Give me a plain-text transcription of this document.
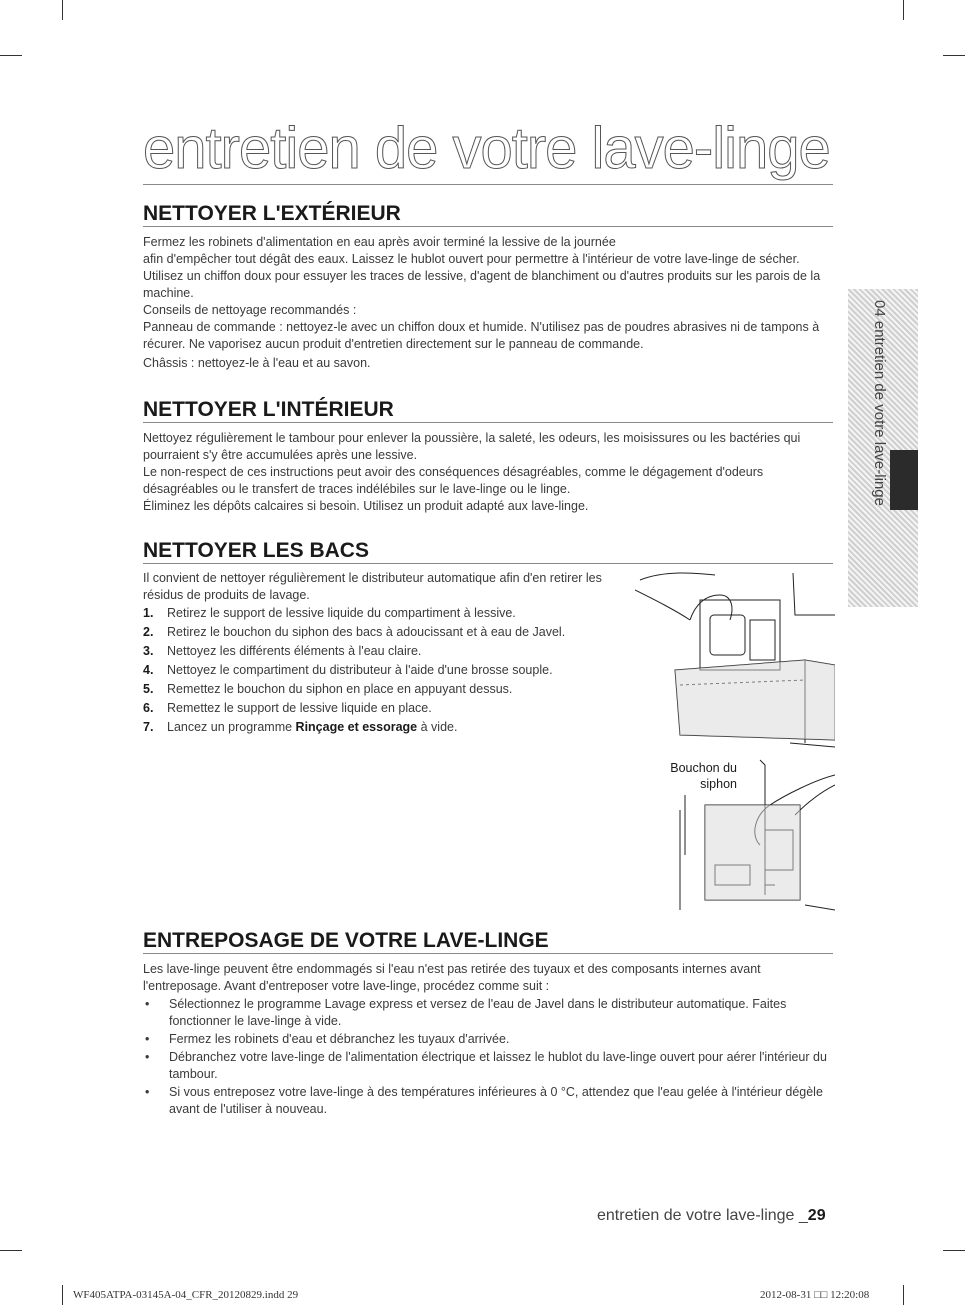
entretien de votre lave-linge
04 entretien de votre lave-linge
NETTOYER L'EXTÉRIEUR

Fermez les robinets d'alimentation en eau après avoir terminé la lessive de la journée

afin d'empêcher tout dégât des eaux. Laissez le hublot ouvert pour permettre à l'intérieur de votre lave-linge de sécher.

Utilisez un chiffon doux pour essuyer les traces de lessive, d'agent de blanchiment ou d'autres produits sur les parois de la machine.

Conseils de nettoyage recommandés :

Panneau de commande : nettoyez-le avec un chiffon doux et humide. N'utilisez pas de poudres abrasives ni de tampons à récurer. Ne vaporisez aucun produit d'entretien directement sur le panneau de commande.

Châssis : nettoyez-le à l'eau et au savon.

NETTOYER L'INTÉRIEUR

Nettoyez régulièrement le tambour pour enlever la poussière, la saleté, les odeurs, les moisissures ou les bactéries qui pourraient s'y être accumulées après une lessive.

Le non-respect de ces instructions peut avoir des conséquences désagréables, comme le dégagement d'odeurs désagréables ou le transfert de traces indélébiles sur le lave-linge ou le linge.

Éliminez les dépôts calcaires si besoin. Utilisez un produit adapté aux lave-linge.

NETTOYER LES BACS
Il convient de nettoyer régulièrement le distributeur automatique afin d'en retirer les résidus de produits de lavage.
1.	Retirez le support de lessive liquide du compartiment à lessive.
2.	Retirez le bouchon du siphon des bacs à adoucissant et à eau de Javel.
3.	Nettoyez les différents éléments à l'eau claire.
4.	Nettoyez le compartiment du distributeur à l'aide d'une brosse souple.
5.	Remettez le bouchon du siphon en place en appuyant dessus.
6.	Remettez le support de lessive liquide en place.
7.	Lancez un programme Rinçage et essorage à vide.
Bouchon du
siphon
ENTREPOSAGE DE VOTRE LAVE-LINGE
Les lave-linge peuvent être endommagés si l'eau n'est pas retirée des tuyaux et des composants internes avant l'entreposage. Avant d'entreposer votre lave-linge, procédez comme suit :
•	Sélectionnez le programme Lavage express et versez de l'eau de Javel dans le distributeur automatique. Faites fonctionner le lave-linge à vide.
•	Fermez les robinets d'eau et débranchez les tuyaux d'arrivée.
•	Débranchez votre lave-linge de l'alimentation électrique et laissez le hublot du lave-linge ouvert pour aérer l'intérieur du tambour.
•	Si vous entreposez votre lave-linge à des températures inférieures à 0 °C, attendez que l'eau gelée à l'intérieur dégèle avant de l'utiliser à nouveau.
entretien de votre lave-linge _29
WF405ATPA-03145A-04_CFR_20120829.indd 29	2012-08-31 □□ 12:20:08
